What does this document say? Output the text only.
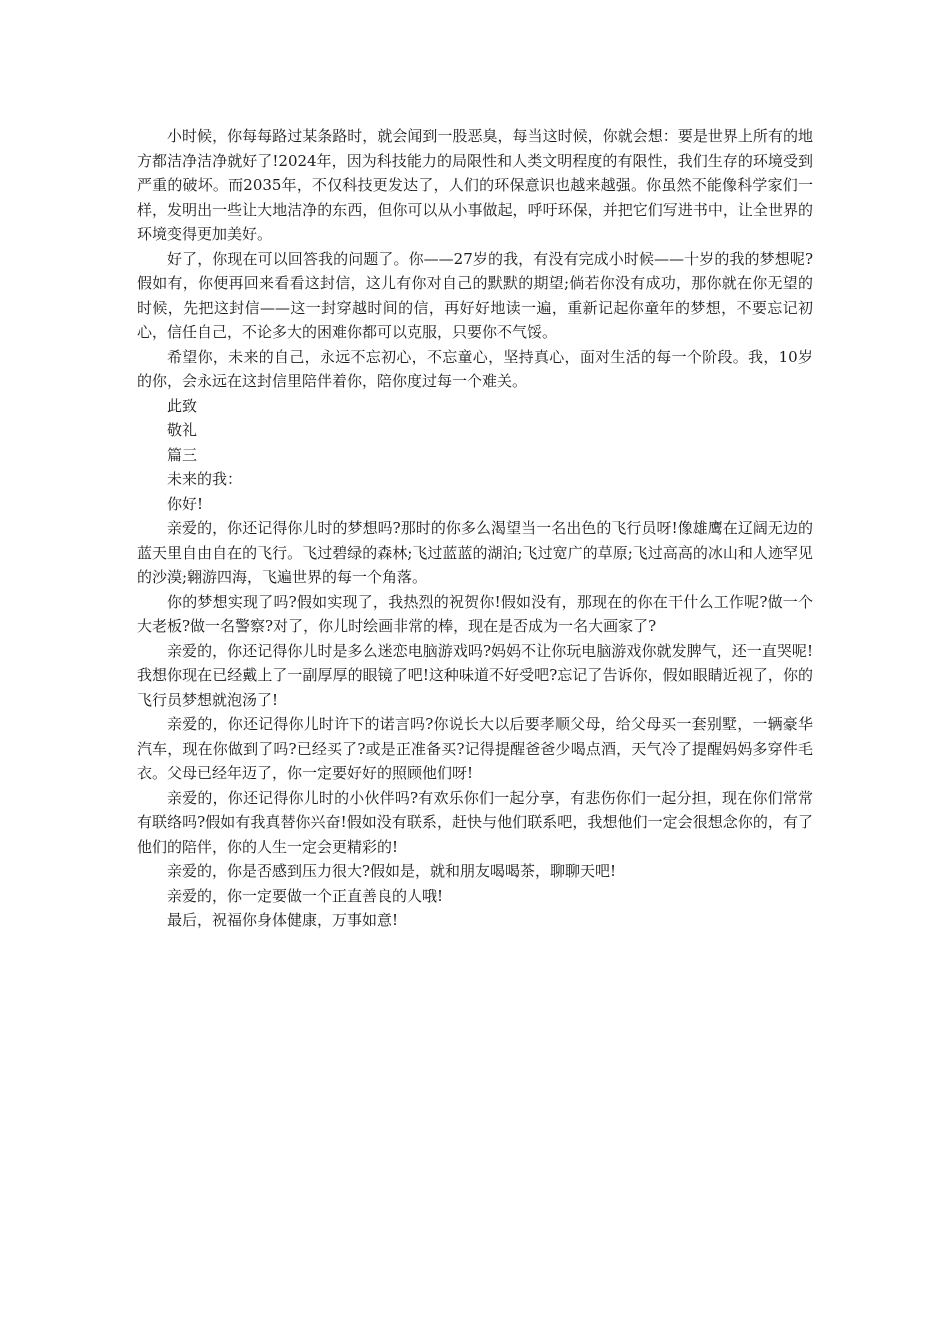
小时候，你每每路过某条路时，就会闻到一股恶臭，每当这时候，你就会想：要是世界上所有的地方都洁净洁净就好了!2024年，因为科技能力的局限性和人类文明程度的有限性，我们生存的环境受到严重的破坏。而2035年，不仅科技更发达了，人们的环保意识也越来越强。你虽然不能像科学家们一样，发明出一些让大地洁净的东西，但你可以从小事做起，呼吁环保，并把它们写进书中，让全世界的环境变得更加美好。

好了，你现在可以回答我的问题了。你——27岁的我，有没有完成小时候——十岁的我的梦想呢?假如有，你便再回来看看这封信，这儿有你对自己的默默的期望;倘若你没有成功，那你就在你无望的时候，先把这封信——这一封穿越时间的信，再好好地读一遍，重新记起你童年的梦想，不要忘记初心，信任自己，不论多大的困难你都可以克服，只要你不气馁。

希望你，未来的自己，永远不忘初心，不忘童心，坚持真心，面对生活的每一个阶段。我，10岁的你，会永远在这封信里陪伴着你，陪你度过每一个难关。

此致

敬礼

篇三

未来的我：

你好!

亲爱的，你还记得你儿时的梦想吗?那时的你多么渴望当一名出色的飞行员呀!像雄鹰在辽阔无边的蓝天里自由自在的飞行。飞过碧绿的森林;飞过蓝蓝的湖泊;飞过宽广的草原;飞过高高的冰山和人迹罕见的沙漠;翱游四海，飞遍世界的每一个角落。

你的梦想实现了吗?假如实现了，我热烈的祝贺你!假如没有，那现在的你在干什么工作呢?做一个大老板?做一名警察?对了，你儿时绘画非常的棒，现在是否成为一名大画家了?

亲爱的，你还记得你儿时是多么迷恋电脑游戏吗?妈妈不让你玩电脑游戏你就发脾气，还一直哭呢!我想你现在已经戴上了一副厚厚的眼镜了吧!这种味道不好受吧?忘记了告诉你，假如眼睛近视了，你的飞行员梦想就泡汤了!

亲爱的，你还记得你儿时许下的诺言吗?你说长大以后要孝顺父母，给父母买一套别墅，一辆豪华汽车，现在你做到了吗?已经买了?或是正准备买?记得提醒爸爸少喝点酒，天气冷了提醒妈妈多穿件毛衣。父母已经年迈了，你一定要好好的照顾他们呀!

亲爱的，你还记得你儿时的小伙伴吗?有欢乐你们一起分享，有悲伤你们一起分担，现在你们常常有联络吗?假如有我真替你兴奋!假如没有联系，赶快与他们联系吧，我想他们一定会很想念你的，有了他们的陪伴，你的人生一定会更精彩的!

亲爱的，你是否感到压力很大?假如是，就和朋友喝喝茶，聊聊天吧!

亲爱的，你一定要做一个正直善良的人哦!

最后，祝福你身体健康，万事如意!
